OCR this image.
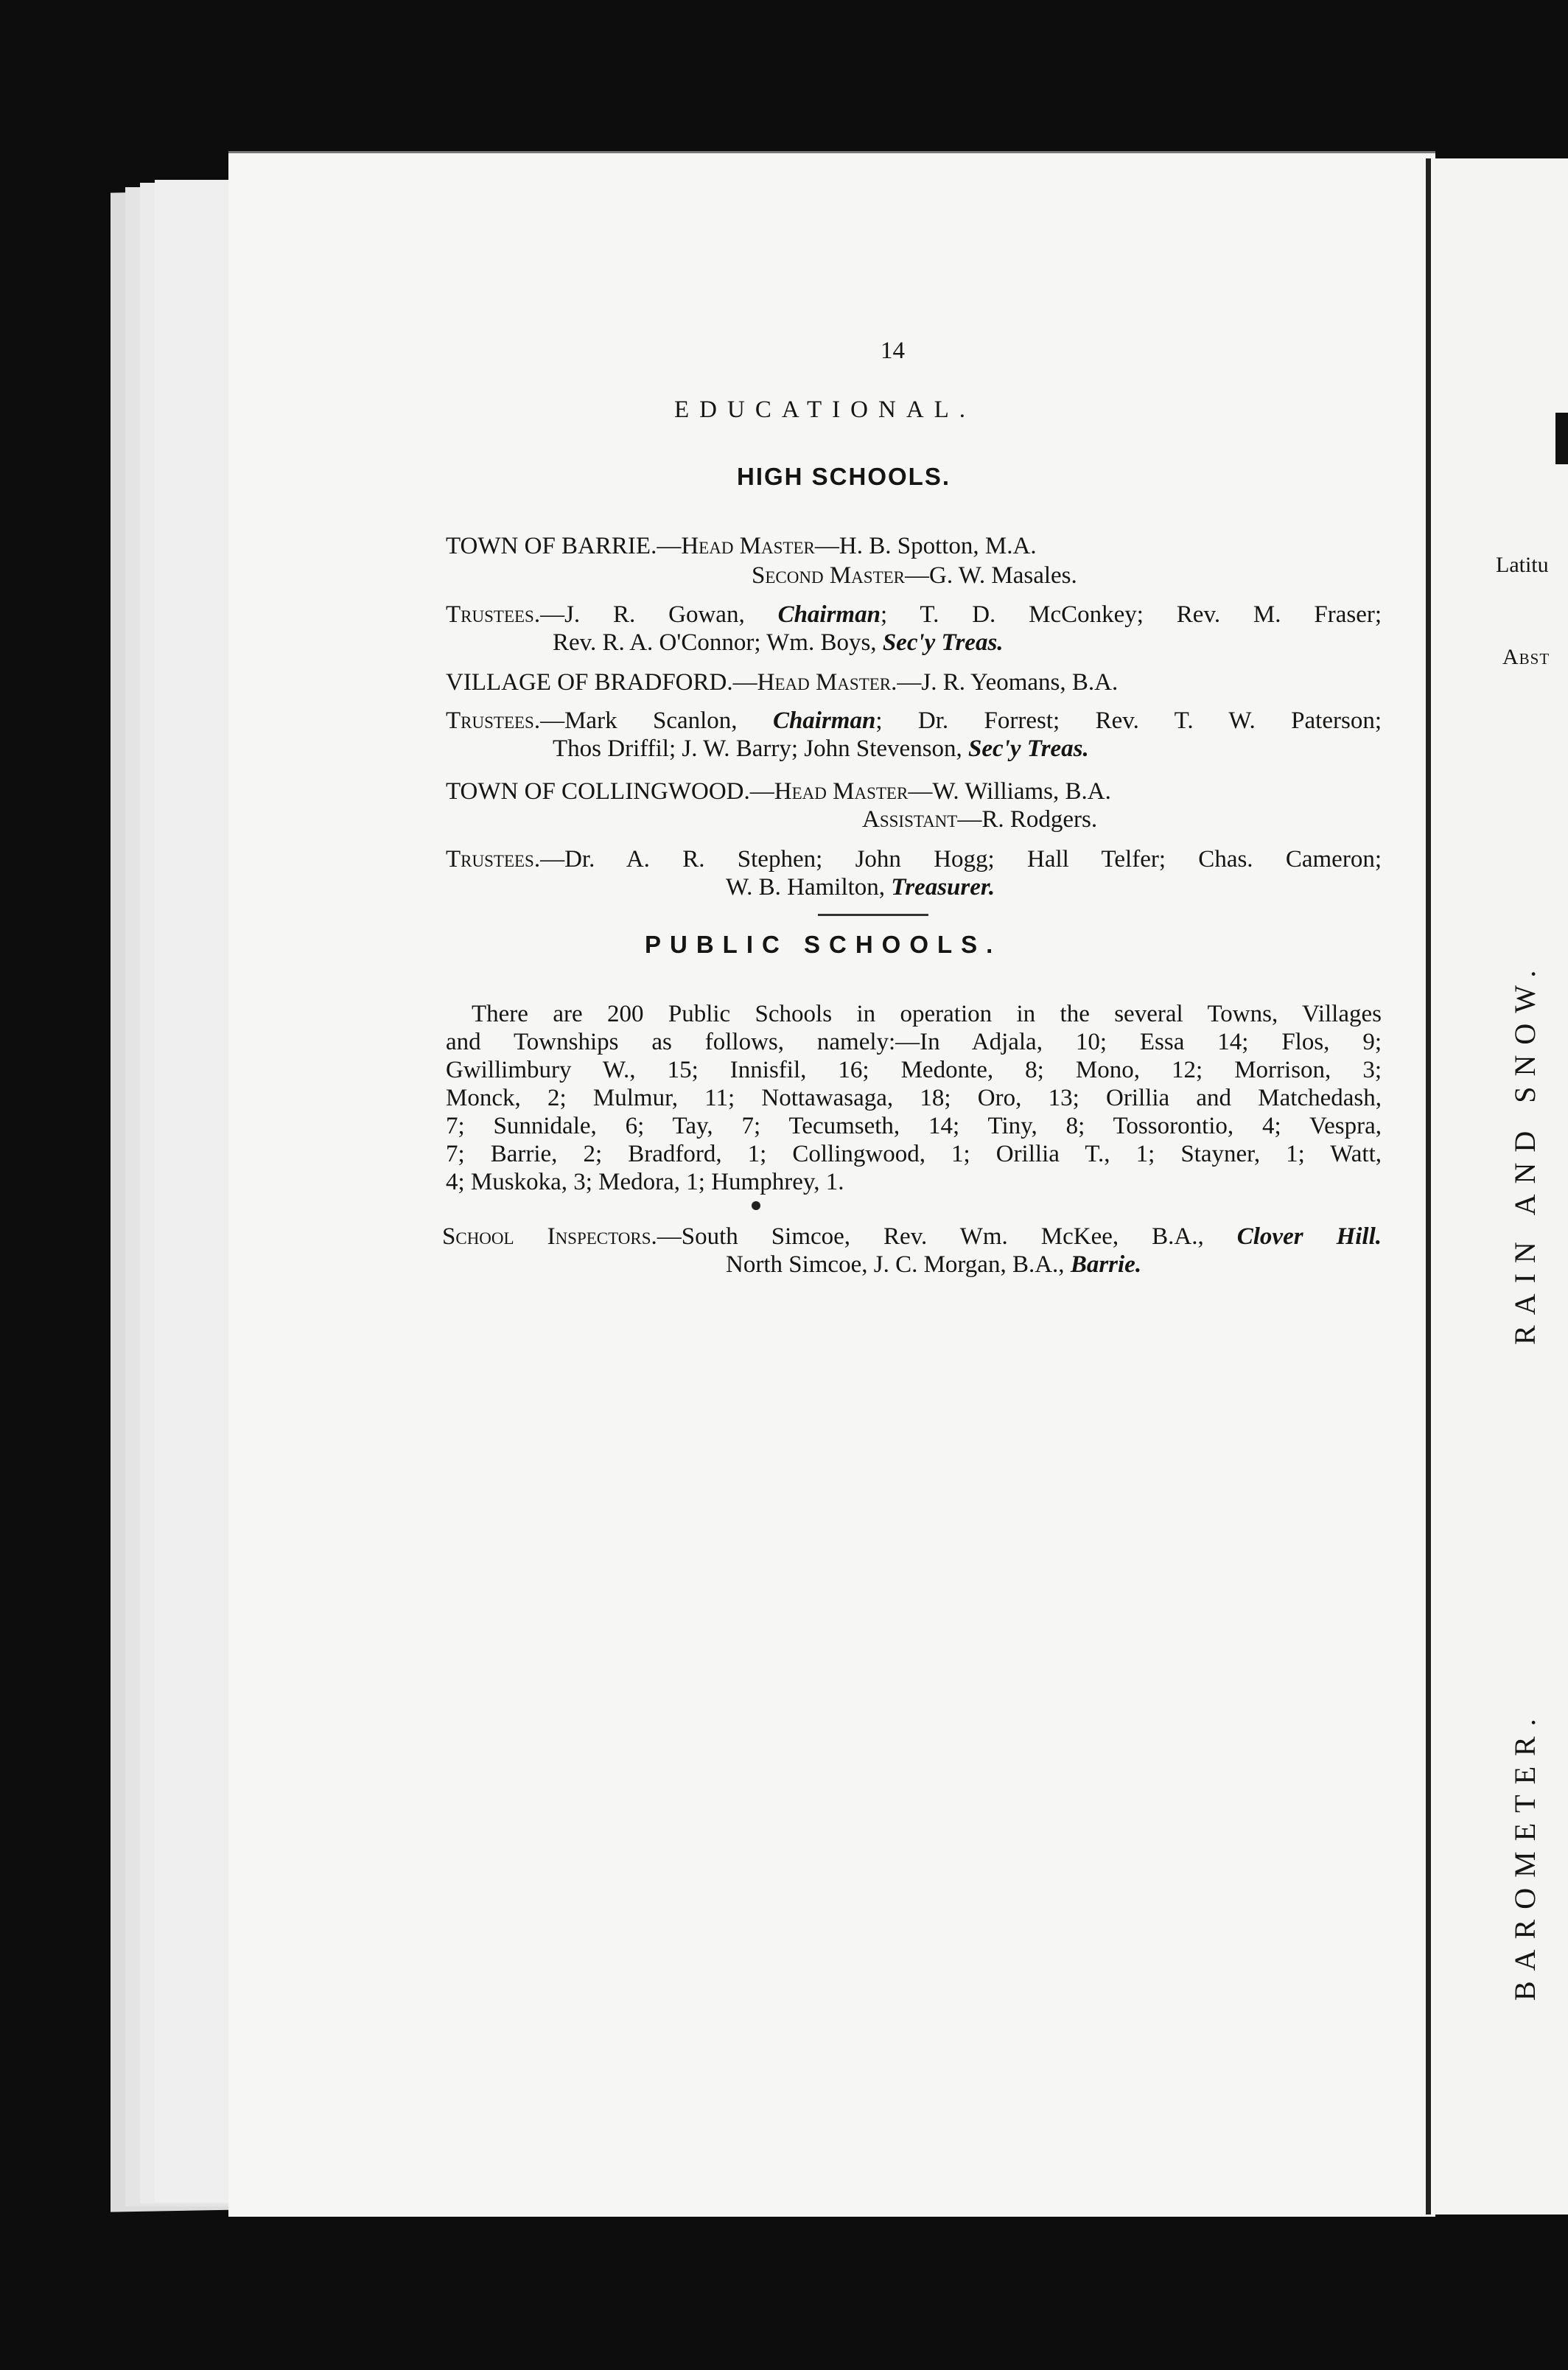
Latitu
Abst
RAIN AND SNOW.
BAROMETER.
14
EDUCATIONAL.
HIGH SCHOOLS.
TOWN OF BARRIE.—Head Master—H. B. Spotton, M.A.
Second Master—G. W. Masales.
Trustees.—J. R. Gowan, Chairman; T. D. McConkey; Rev. M. Fraser;
Rev. R. A. O'Connor; Wm. Boys, Sec'y Treas.
VILLAGE OF BRADFORD.—Head Master.—J. R. Yeomans, B.A.
Trustees.—Mark Scanlon, Chairman; Dr. Forrest; Rev. T. W. Paterson;
Thos Driffil; J. W. Barry; John Stevenson, Sec'y Treas.
TOWN OF COLLINGWOOD.—Head Master—W. Williams, B.A.
Assistant—R. Rodgers.
Trustees.—Dr. A. R. Stephen; John Hogg; Hall Telfer; Chas. Cameron;
W. B. Hamilton, Treasurer.
PUBLIC SCHOOLS.
There are 200 Public Schools in operation in the several Towns, Villages
and Townships as follows, namely:—In Adjala, 10; Essa 14; Flos, 9;
Gwillimbury W., 15; Innisfil, 16; Medonte, 8; Mono, 12; Morrison, 3;
Monck, 2; Mulmur, 11; Nottawasaga, 18; Oro, 13; Orillia and Matchedash,
7; Sunnidale, 6; Tay, 7; Tecumseth, 14; Tiny, 8; Tossorontio, 4; Vespra,
7; Barrie, 2; Bradford, 1; Collingwood, 1; Orillia T., 1; Stayner, 1; Watt,
4; Muskoka, 3; Medora, 1; Humphrey, 1.
School Inspectors.—South Simcoe, Rev. Wm. McKee, B.A., Clover Hill.
North Simcoe, J. C. Morgan, B.A., Barrie.
